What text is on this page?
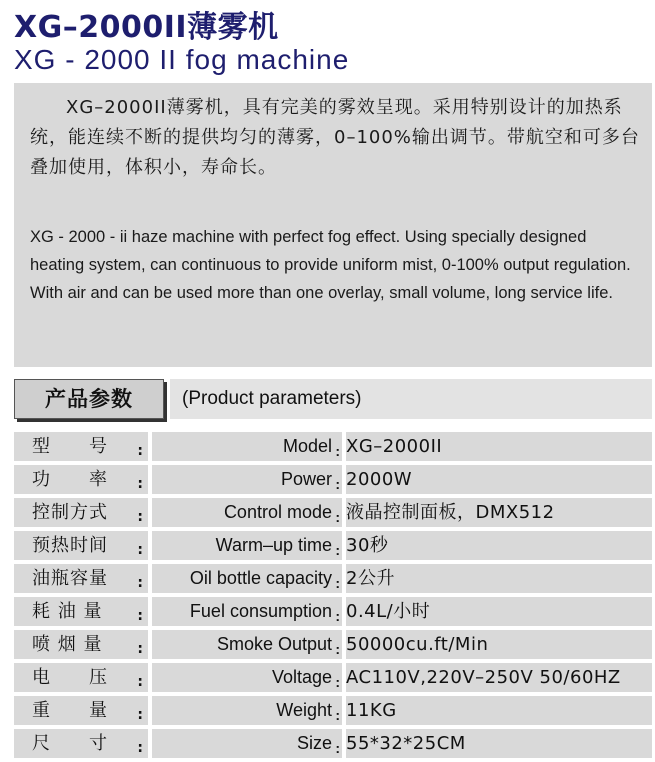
XG–2000II薄雾机
XG - 2000 II fog machine

XG–2000II薄雾机，具有完美的雾效呈现。采用特别设计的加热系统，能连续不断的提供均匀的薄雾，0–100%输出调节。带航空和可多台叠加使用，体积小，寿命长。

XG - 2000 - ii haze machine with perfect fog effect. Using specially designed heating system, can continuous to provide uniform mist, 0-100% output regulation. With air and can be used more than one overlay, small volume, long service life.

产品参数	(Product parameters)
型　　号 :	Model : XG–2000II
功　　率 :	Power : 2000W
控制方式 :	Control mode : 液晶控制面板，DMX512
预热时间 :	Warm–up time : 30秒
油瓶容量 :	Oil bottle capacity : 2公升
耗 油 量 :	Fuel consumption : 0.4L/小时
喷 烟 量 :	Smoke Output : 50000cu.ft/Min
电　　压 :	Voltage : AC110V,220V–250V 50/60HZ
重　　量 :	Weight : 11KG
尺　　寸 :	Size : 55*32*25CM
